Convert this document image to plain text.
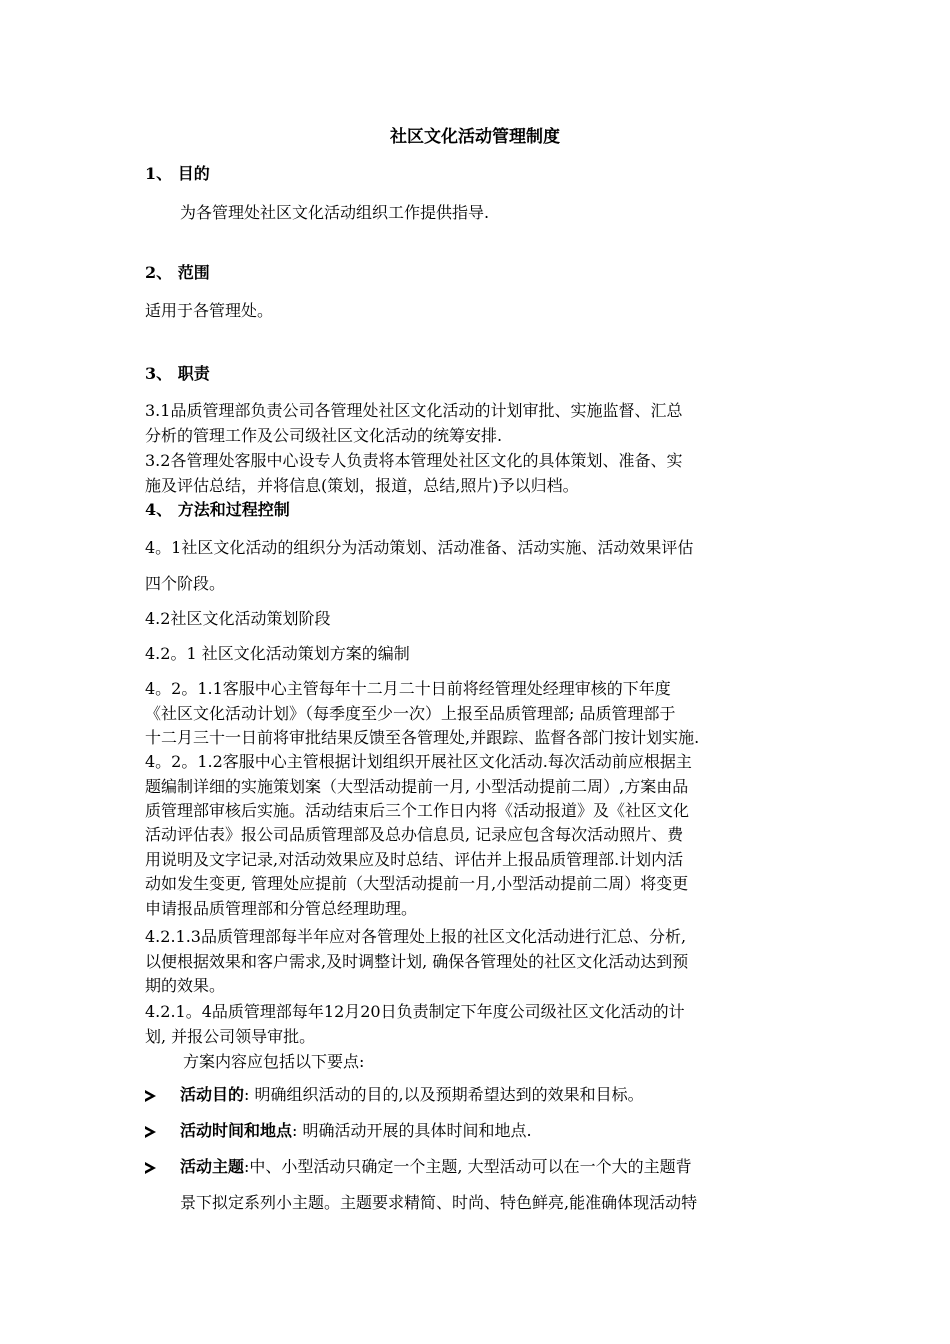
社区文化活动管理制度
1、 目的
为各管理处社区文化活动组织工作提供指导.
2、 范围
适用于各管理处。
3、 职责
3.1品质管理部负责公司各管理处社区文化活动的计划审批、实施监督、汇总
分析的管理工作及公司级社区文化活动的统筹安排.
3.2各管理处客服中心设专人负责将本管理处社区文化的具体策划、准备、实
施及评估总结，并将信息(策划，报道，总结,照片)予以归档。
4、 方法和过程控制
4。1社区文化活动的组织分为活动策划、活动准备、活动实施、活动效果评估
四个阶段。
4.2社区文化活动策划阶段
4.2。1 社区文化活动策划方案的编制
4。2。1.1客服中心主管每年十二月二十日前将经管理处经理审核的下年度
《社区文化活动计划》（每季度至少一次）上报至品质管理部; 品质管理部于
十二月三十一日前将审批结果反馈至各管理处,并跟踪、监督各部门按计划实施.
4。2。1.2客服中心主管根据计划组织开展社区文化活动.每次活动前应根据主
题编制详细的实施策划案（大型活动提前一月, 小型活动提前二周）,方案由品
质管理部审核后实施。活动结束后三个工作日内将《活动报道》及《社区文化
活动评估表》报公司品质管理部及总办信息员, 记录应包含每次活动照片、费
用说明及文字记录,对活动效果应及时总结、评估并上报品质管理部.计划内活
动如发生变更, 管理处应提前（大型活动提前一月,小型活动提前二周）将变更
申请报品质管理部和分管总经理助理。
4.2.1.3品质管理部每半年应对各管理处上报的社区文化活动进行汇总、分析,
以便根据效果和客户需求,及时调整计划, 确保各管理处的社区文化活动达到预
期的效果。
4.2.1。4品质管理部每年12月20日负责制定下年度公司级社区文化活动的计
划, 并报公司领导审批。
方案内容应包括以下要点:
活动目的: 明确组织活动的目的,以及预期希望达到的效果和目标。
活动时间和地点: 明确活动开展的具体时间和地点.
活动主题:中、小型活动只确定一个主题, 大型活动可以在一个大的主题背
景下拟定系列小主题。主题要求精简、时尚、特色鲜亮,能准确体现活动特
